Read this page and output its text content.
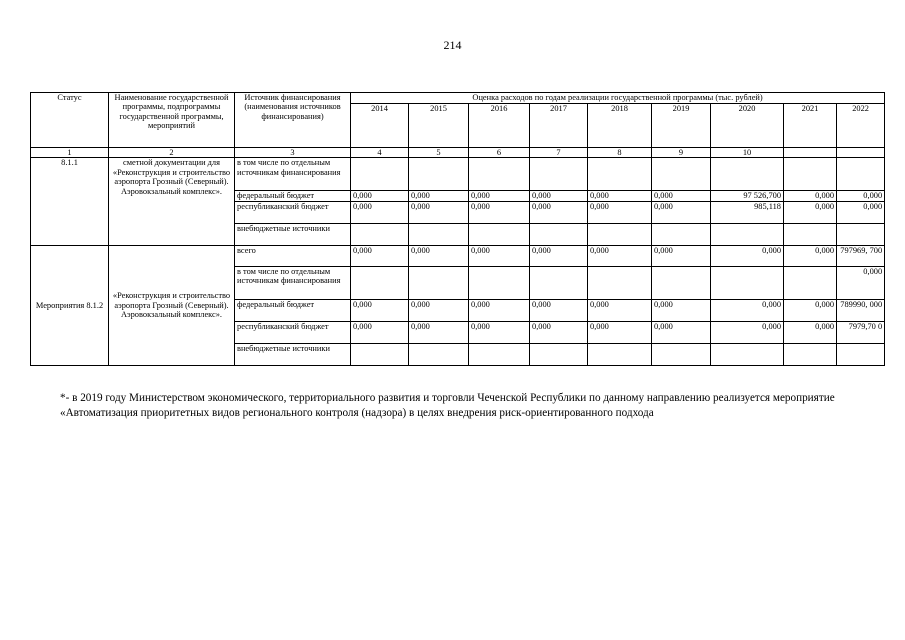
214
Статус	Наименование государственной программы, подпрограммы государственной программы, мероприятий	Источник финансирования (наименования источников финансирования)	Оценка расходов по годам реализации государственной программы (тыс. рублей)								
			2014	2015	2016	2017	2018	2019	2020	2021	2022
1	2	3	4	5	6	7	8	9	10		
8.1.1	сметной документации для «Реконструкция и строительство аэропорта Грозный (Северный). Аэровокзальный комплекс».	в том числе по отдельным источникам финансирования									
		федеральный бюджет	0,000	0,000	0,000	0,000	0,000	0,000	97 526,700	0,000	0,000
		республиканский бюджет	0,000	0,000	0,000	0,000	0,000	0,000	985,118	0,000	0,000
		внебюджетные источники									
Мероприятия 8.1.2	«Реконструкция и строительство аэропорта Грозный (Северный). Аэровокзальный комплекс».	всего	0,000	0,000	0,000	0,000	0,000	0,000	0,000	0,000	797969, 700
		в том числе по отдельным источникам финансирования									0,000
		федеральный бюджет	0,000	0,000	0,000	0,000	0,000	0,000	0,000	0,000	789990, 000
		республиканский бюджет	0,000	0,000	0,000	0,000	0,000	0,000	0,000	0,000	7979,70 0
		внебюджетные источники									
*- в 2019 году Министерством экономического, территориального развития и торговли Чеченской Республики по данному направлению реализуется мероприятие «Автоматизация приоритетных видов регионального контроля (надзора) в целях внедрения риск-ориентированного подхода
